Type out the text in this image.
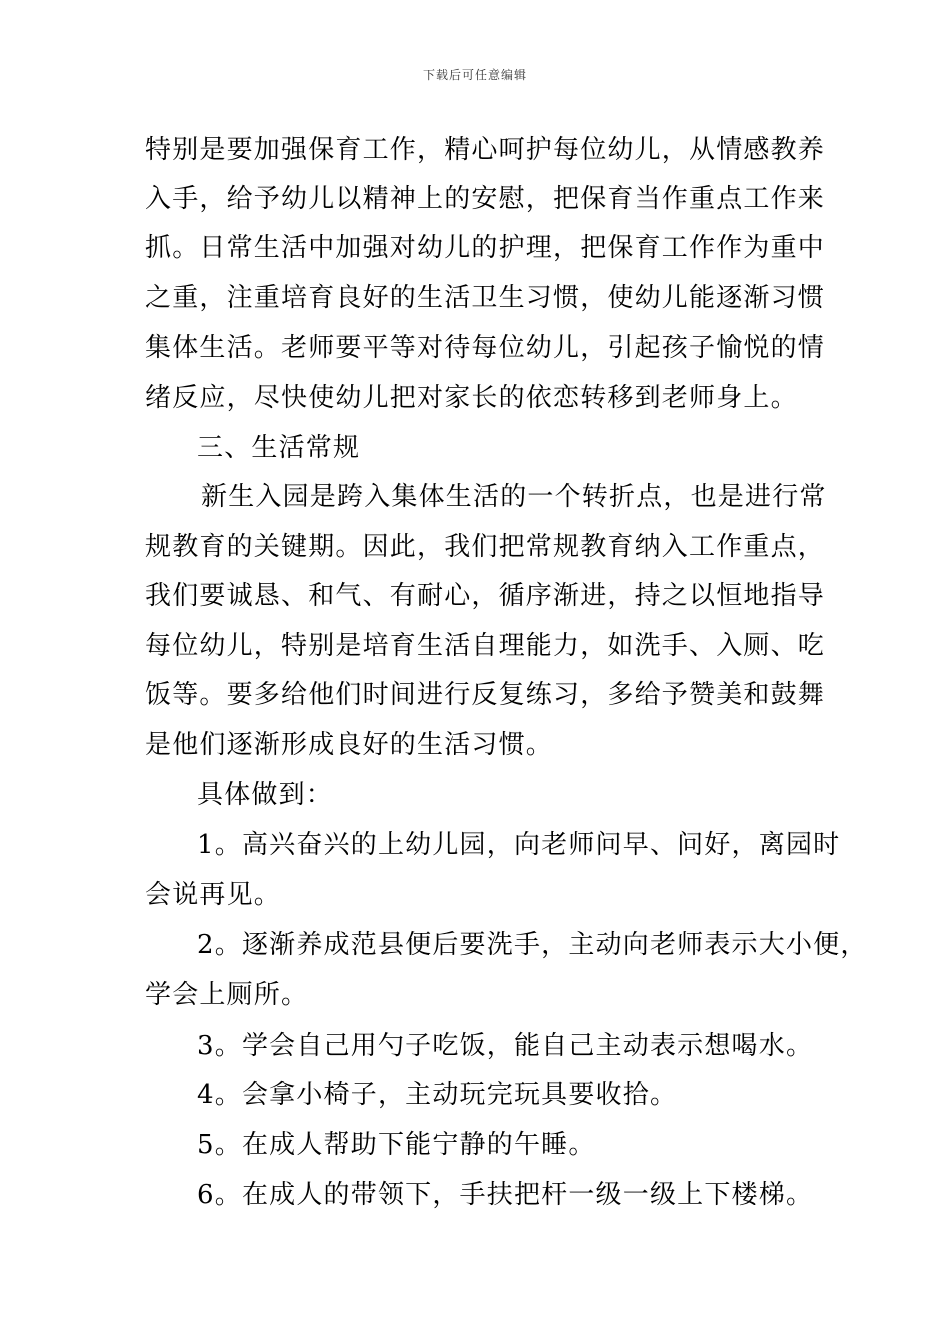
下载后可任意编辑
特别是要加强保育工作，精心呵护每位幼儿，从情感教养
入手，给予幼儿以精神上的安慰，把保育当作重点工作来
抓。日常生活中加强对幼儿的护理，把保育工作作为重中
之重，注重培育良好的生活卫生习惯，使幼儿能逐渐习惯
集体生活。老师要平等对待每位幼儿，引起孩子愉悦的情
绪反应，尽快使幼儿把对家长的依恋转移到老师身上。
三、生活常规
新生入园是跨入集体生活的一个转折点，也是进行常
规教育的关键期。因此，我们把常规教育纳入工作重点，
我们要诚恳、和气、有耐心，循序渐进，持之以恒地指导
每位幼儿，特别是培育生活自理能力，如洗手、入厕、吃
饭等。要多给他们时间进行反复练习，多给予赞美和鼓舞
是他们逐渐形成良好的生活习惯。
具体做到：
1。高兴奋兴的上幼儿园，向老师问早、问好，离园时
会说再见。
2。逐渐养成范县便后要洗手，主动向老师表示大小便，
学会上厕所。
3。学会自己用勺子吃饭，能自己主动表示想喝水。
4。会拿小椅子，主动玩完玩具要收拾。
5。在成人帮助下能宁静的午睡。
6。在成人的带领下，手扶把杆一级一级上下楼梯。
